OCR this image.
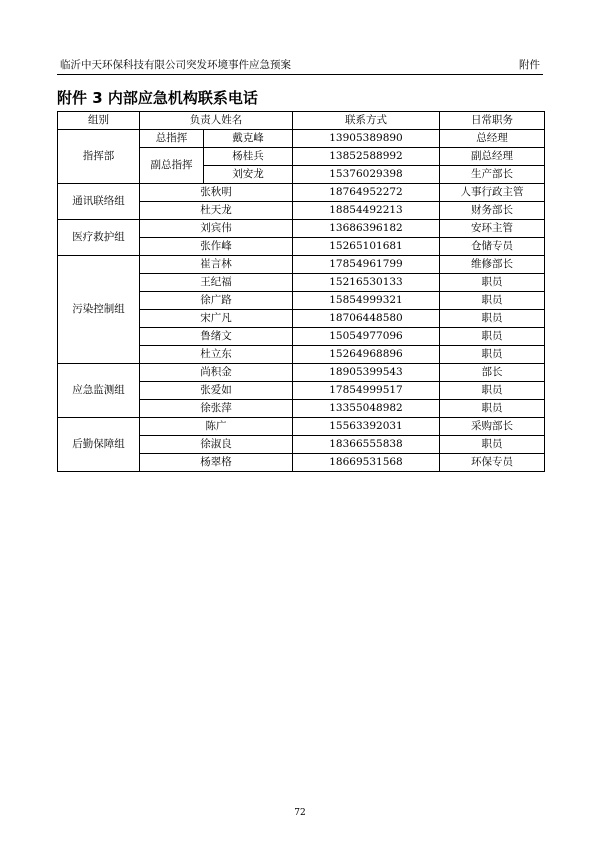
临沂中天环保科技有限公司突发环境事件应急预案	附件
附件 3 内部应急机构联系电话
组别	负责人姓名		联系方式	日常职务
指挥部	总指挥	戴克峰	13905389890	总经理
	副总指挥	杨桂兵	13852588992	副总经理
		刘安龙	15376029398	生产部长
通讯联络组	张秋明		18764952272	人事行政主管
	杜天龙		18854492213	财务部长
医疗救护组	刘宾伟		13686396182	安环主管
	张作峰		15265101681	仓储专员
污染控制组	崔言林		17854961799	维修部长
	王纪福		15216530133	职员
	徐广路		15854999321	职员
	宋广凡		18706448580	职员
	鲁绪文		15054977096	职员
	杜立东		15264968896	职员
应急监测组	尚积金		18905399543	部长
	张爱如		17854999517	职员
	徐张萍		13355048982	职员
后勤保障组	陈广		15563392031	采购部长
	徐淑良		18366555838	职员
	杨翠格		18669531568	环保专员
72
